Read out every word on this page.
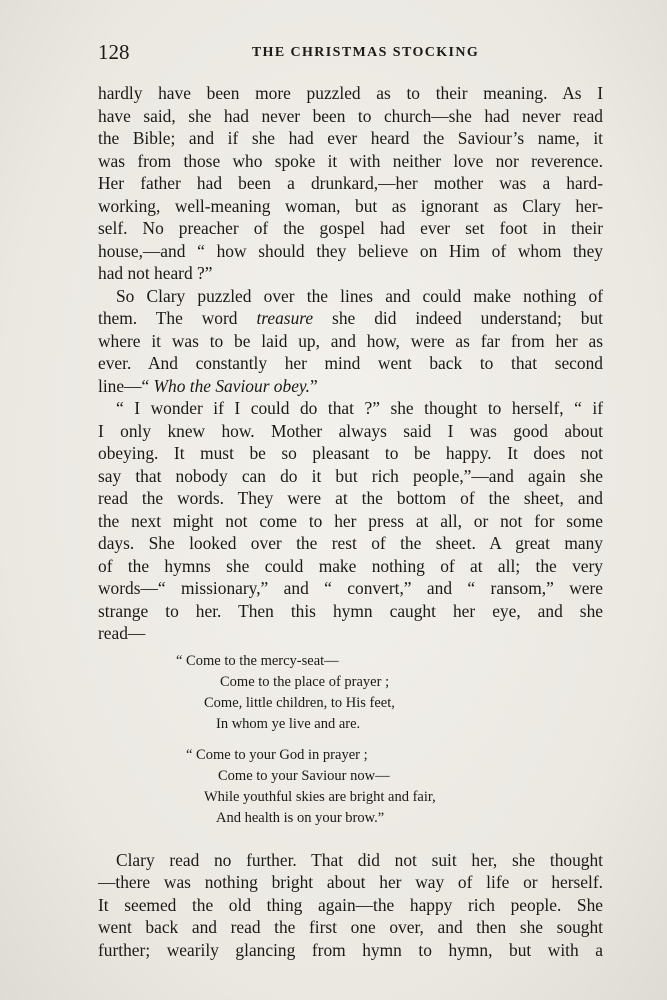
128	THE CHRISTMAS STOCKING
hardly have been more puzzled as to their meaning. As I
have said, she had never been to church—she had never read
the Bible; and if she had ever heard the Saviour’s name, it
was from those who spoke it with neither love nor reverence.
Her father had been a drunkard,—her mother was a hard-
working, well-meaning woman, but as ignorant as Clary her-
self. No preacher of the gospel had ever set foot in their
house,—and “ how should they believe on Him of whom they
had not heard ?”
So Clary puzzled over the lines and could make nothing of
them. The word treasure she did indeed understand; but
where it was to be laid up, and how, were as far from her as
ever. And constantly her mind went back to that second
line—“ Who the Saviour obey.”
“ I wonder if I could do that ?” she thought to herself, “ if
I only knew how. Mother always said I was good about
obeying. It must be so pleasant to be happy. It does not
say that nobody can do it but rich people,”—and again she
read the words. They were at the bottom of the sheet, and
the next might not come to her press at all, or not for some
days. She looked over the rest of the sheet. A great many
of the hymns she could make nothing of at all; the very
words—“ missionary,” and “ convert,” and “ ransom,” were
strange to her. Then this hymn caught her eye, and she
read—
“ Come to the mercy-seat—
Come to the place of prayer ;
Come, little children, to His feet,
In whom ye live and are.
“ Come to your God in prayer ;
Come to your Saviour now—
While youthful skies are bright and fair,
And health is on your brow.”
Clary read no further. That did not suit her, she thought
—there was nothing bright about her way of life or herself.
It seemed the old thing again—the happy rich people. She
went back and read the first one over, and then she sought
further; wearily glancing from hymn to hymn, but with a
